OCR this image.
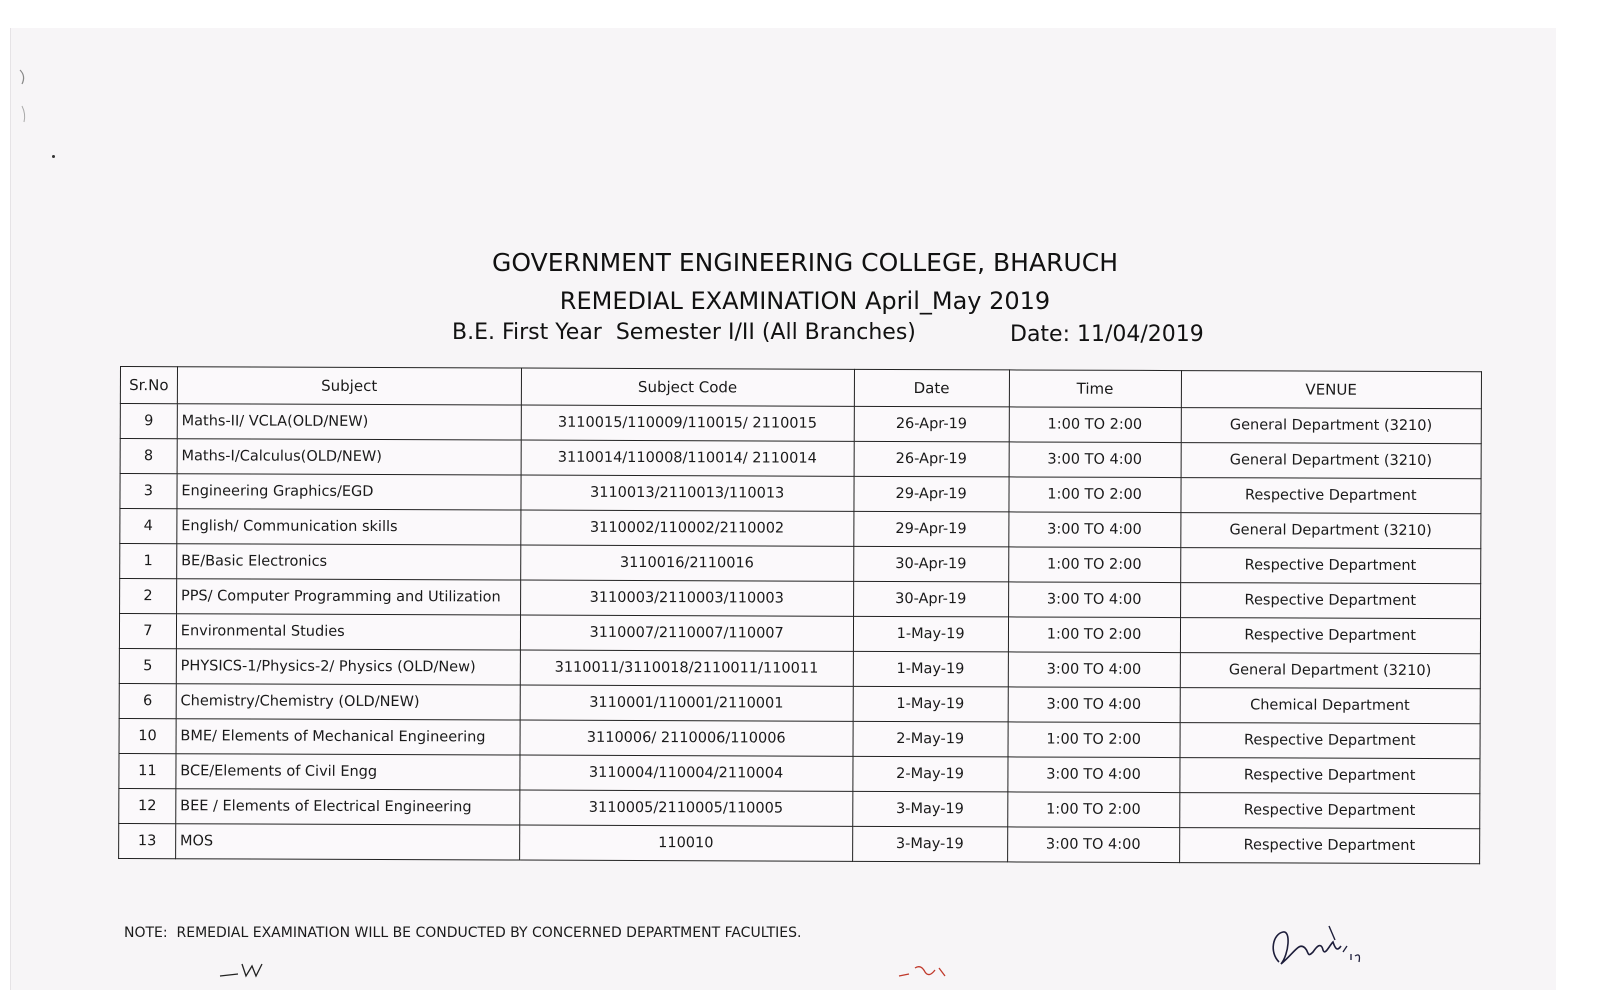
GOVERNMENT ENGINEERING COLLEGE, BHARUCH
REMEDIAL EXAMINATION April_May 2019
B.E. First Year  Semester I/II (All Branches)	Date: 11/04/2019
Sr.No	Subject	Subject Code	Date	Time	VENUE
9	Maths-II/ VCLA(OLD/NEW)	3110015/110009/110015/ 2110015	26-Apr-19	1:00 TO 2:00	General Department (3210)
8	Maths-I/Calculus(OLD/NEW)	3110014/110008/110014/ 2110014	26-Apr-19	3:00 TO 4:00	General Department (3210)
3	Engineering Graphics/EGD	3110013/2110013/110013	29-Apr-19	1:00 TO 2:00	Respective Department
4	English/ Communication skills	3110002/110002/2110002	29-Apr-19	3:00 TO 4:00	General Department (3210)
1	BE/Basic Electronics	3110016/2110016	30-Apr-19	1:00 TO 2:00	Respective Department
2	PPS/ Computer Programming and Utilization	3110003/2110003/110003	30-Apr-19	3:00 TO 4:00	Respective Department
7	Environmental Studies	3110007/2110007/110007	1-May-19	1:00 TO 2:00	Respective Department
5	PHYSICS-1/Physics-2/ Physics (OLD/New)	3110011/3110018/2110011/110011	1-May-19	3:00 TO 4:00	General Department (3210)
6	Chemistry/Chemistry (OLD/NEW)	3110001/110001/2110001	1-May-19	3:00 TO 4:00	Chemical Department
10	BME/ Elements of Mechanical Engineering	3110006/ 2110006/110006	2-May-19	1:00 TO 2:00	Respective Department
11	BCE/Elements of Civil Engg	3110004/110004/2110004	2-May-19	3:00 TO 4:00	Respective Department
12	BEE / Elements of Electrical Engineering	3110005/2110005/110005	3-May-19	1:00 TO 2:00	Respective Department
13	MOS	110010	3-May-19	3:00 TO 4:00	Respective Department
NOTE:  REMEDIAL EXAMINATION WILL BE CONDUCTED BY CONCERNED DEPARTMENT FACULTIES.
